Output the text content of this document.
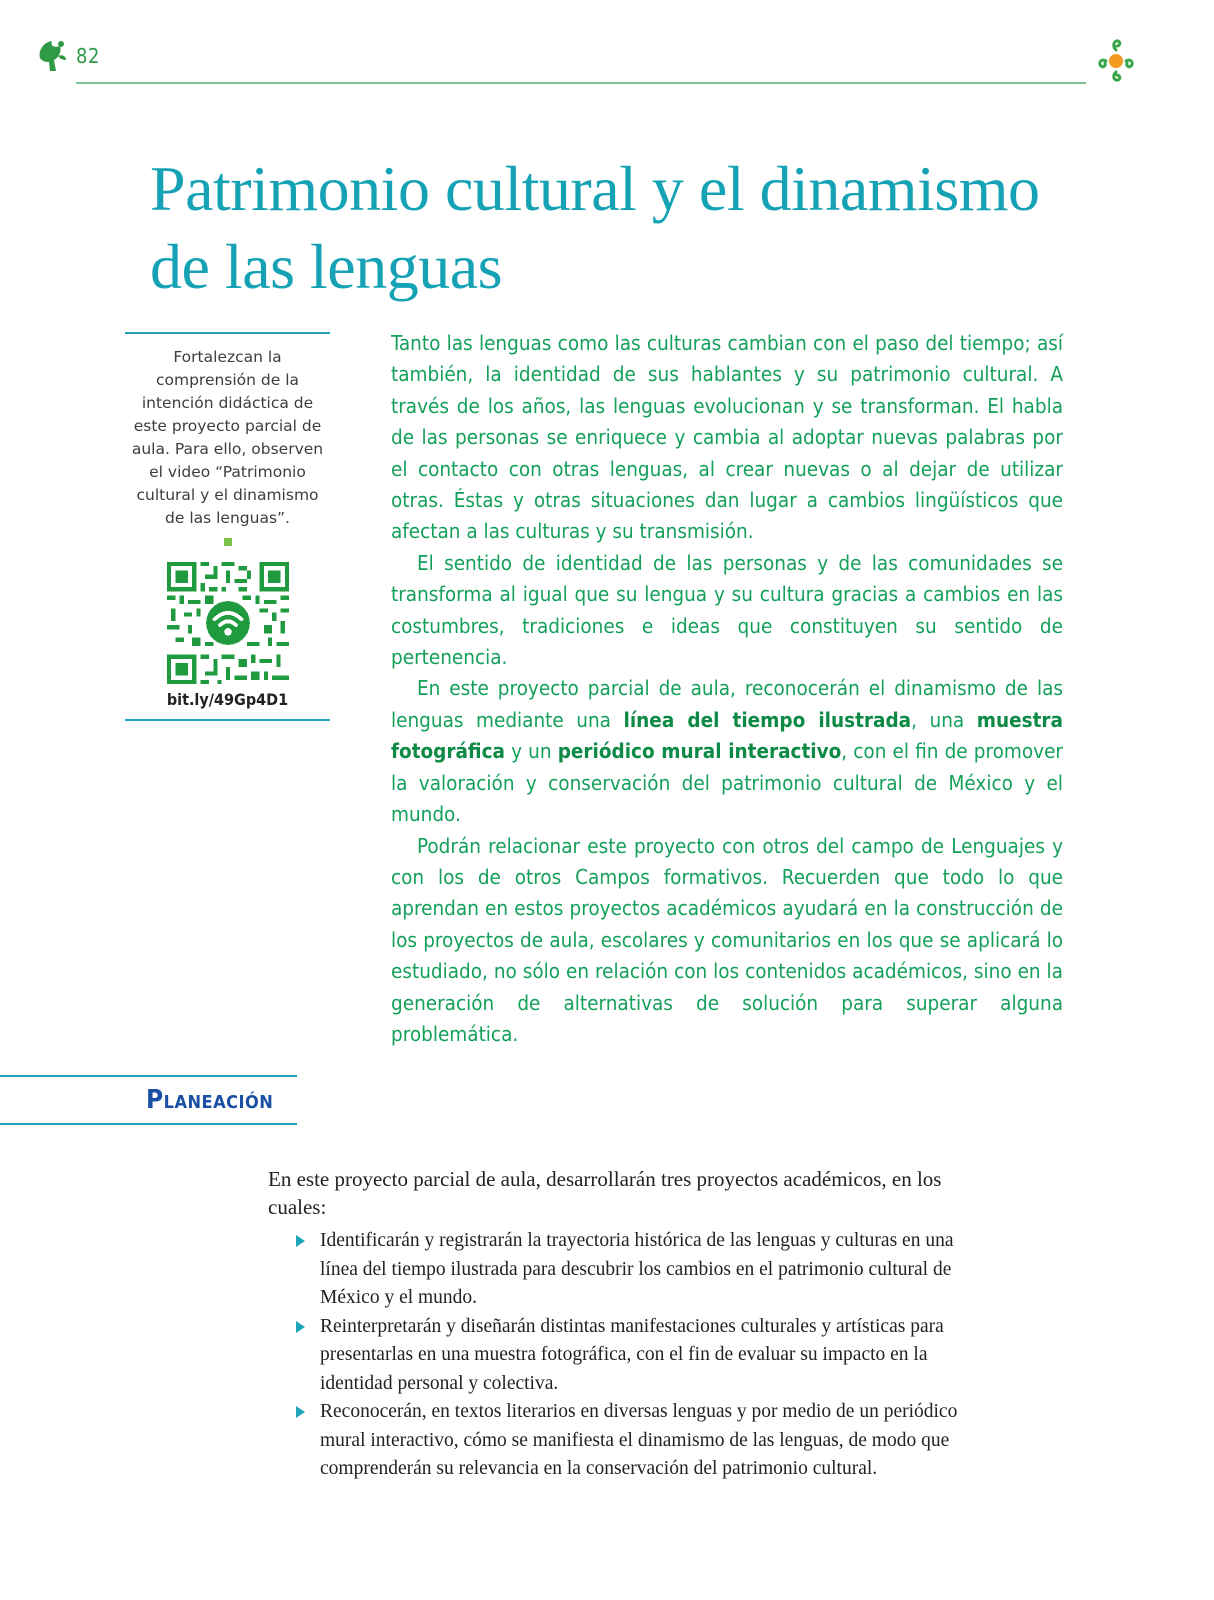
82
Patrimonio cultural y el dinamismo
de las lenguas

Fortalezcan la comprensión de la intención didáctica de este proyecto parcial de aula. Para ello, observen el video “Patrimonio cultural y el dinamismo de las lenguas”.

bit.ly/49Gp4D1

Tanto las lenguas como las culturas cambian con el paso del tiempo; así también, la identidad de sus hablantes y su patrimonio cultural. A través de los años, las lenguas evolucionan y se transforman. El habla de las personas se enriquece y cambia al adoptar nuevas palabras por el contacto con otras lenguas, al crear nuevas o al dejar de utilizar otras. Éstas y otras situaciones dan lugar a cambios lingüísticos que afectan a las culturas y su transmisión.

El sentido de identidad de las personas y de las comunidades se transforma al igual que su lengua y su cultura gracias a cambios en las costumbres, tradiciones e ideas que constituyen su sentido de pertenencia.

En este proyecto parcial de aula, reconocerán el dinamismo de las lenguas mediante una línea del tiempo ilustrada, una muestra fotográfica y un periódico mural interactivo, con el fin de promover la valoración y conservación del patrimonio cultural de México y el mundo.

Podrán relacionar este proyecto con otros del campo de Lenguajes y con los de otros Campos formativos. Recuerden que todo lo que aprendan en estos proyectos académicos ayudará en la construcción de los proyectos de aula, escolares y comunitarios en los que se aplicará lo estudiado, no sólo en relación con los contenidos académicos, sino en la generación de alternativas de solución para superar alguna problemática.

Planeación

En este proyecto parcial de aula, desarrollarán tres proyectos académicos, en los cuales:

Identificarán y registrarán la trayectoria histórica de las lenguas y culturas en una línea del tiempo ilustrada para descubrir los cambios en el patrimonio cultural de México y el mundo.
Reinterpretarán y diseñarán distintas manifestaciones culturales y artísticas para presentarlas en una muestra fotográfica, con el fin de evaluar su impacto en la identidad personal y colectiva.
Reconocerán, en textos literarios en diversas lenguas y por medio de un periódico mural interactivo, cómo se manifiesta el dinamismo de las lenguas, de modo que comprenderán su relevancia en la conservación del patrimonio cultural.
